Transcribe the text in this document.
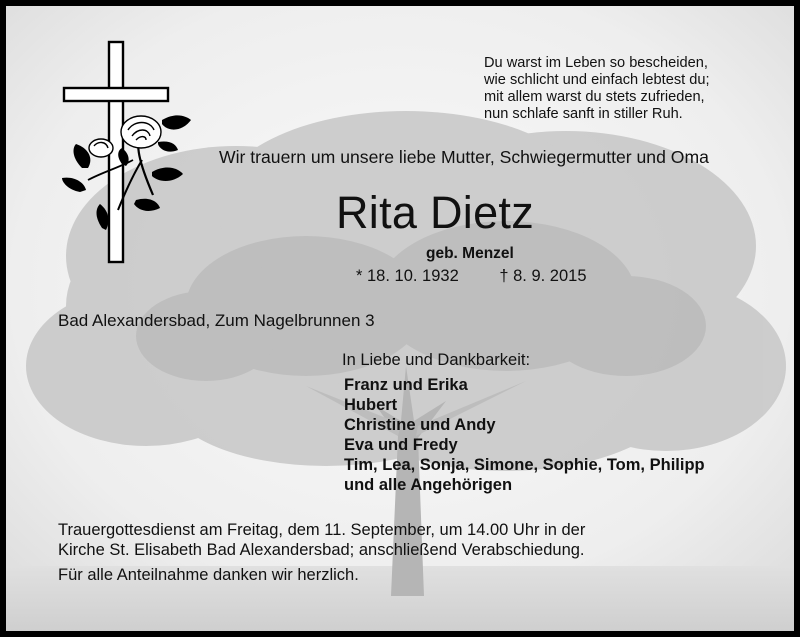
Du warst im Leben so bescheiden,
wie schlicht und einfach lebtest du;
mit allem warst du stets zufrieden,
nun schlafe sanft in stiller Ruh.
Wir trauern um unsere liebe Mutter, Schwiegermutter und Oma
Rita Dietz
geb. Menzel
* 18. 10. 1932 † 8. 9. 2015
Bad Alexandersbad, Zum Nagelbrunnen 3
In Liebe und Dankbarkeit:
Franz und Erika
Hubert
Christine und Andy
Eva und Fredy
Tim, Lea, Sonja, Simone, Sophie, Tom, Philipp
und alle Angehörigen
Trauergottesdienst am Freitag, dem 11. September, um 14.00 Uhr in der
Kirche St. Elisabeth Bad Alexandersbad; anschließend Verabschiedung.
Für alle Anteilnahme danken wir herzlich.
